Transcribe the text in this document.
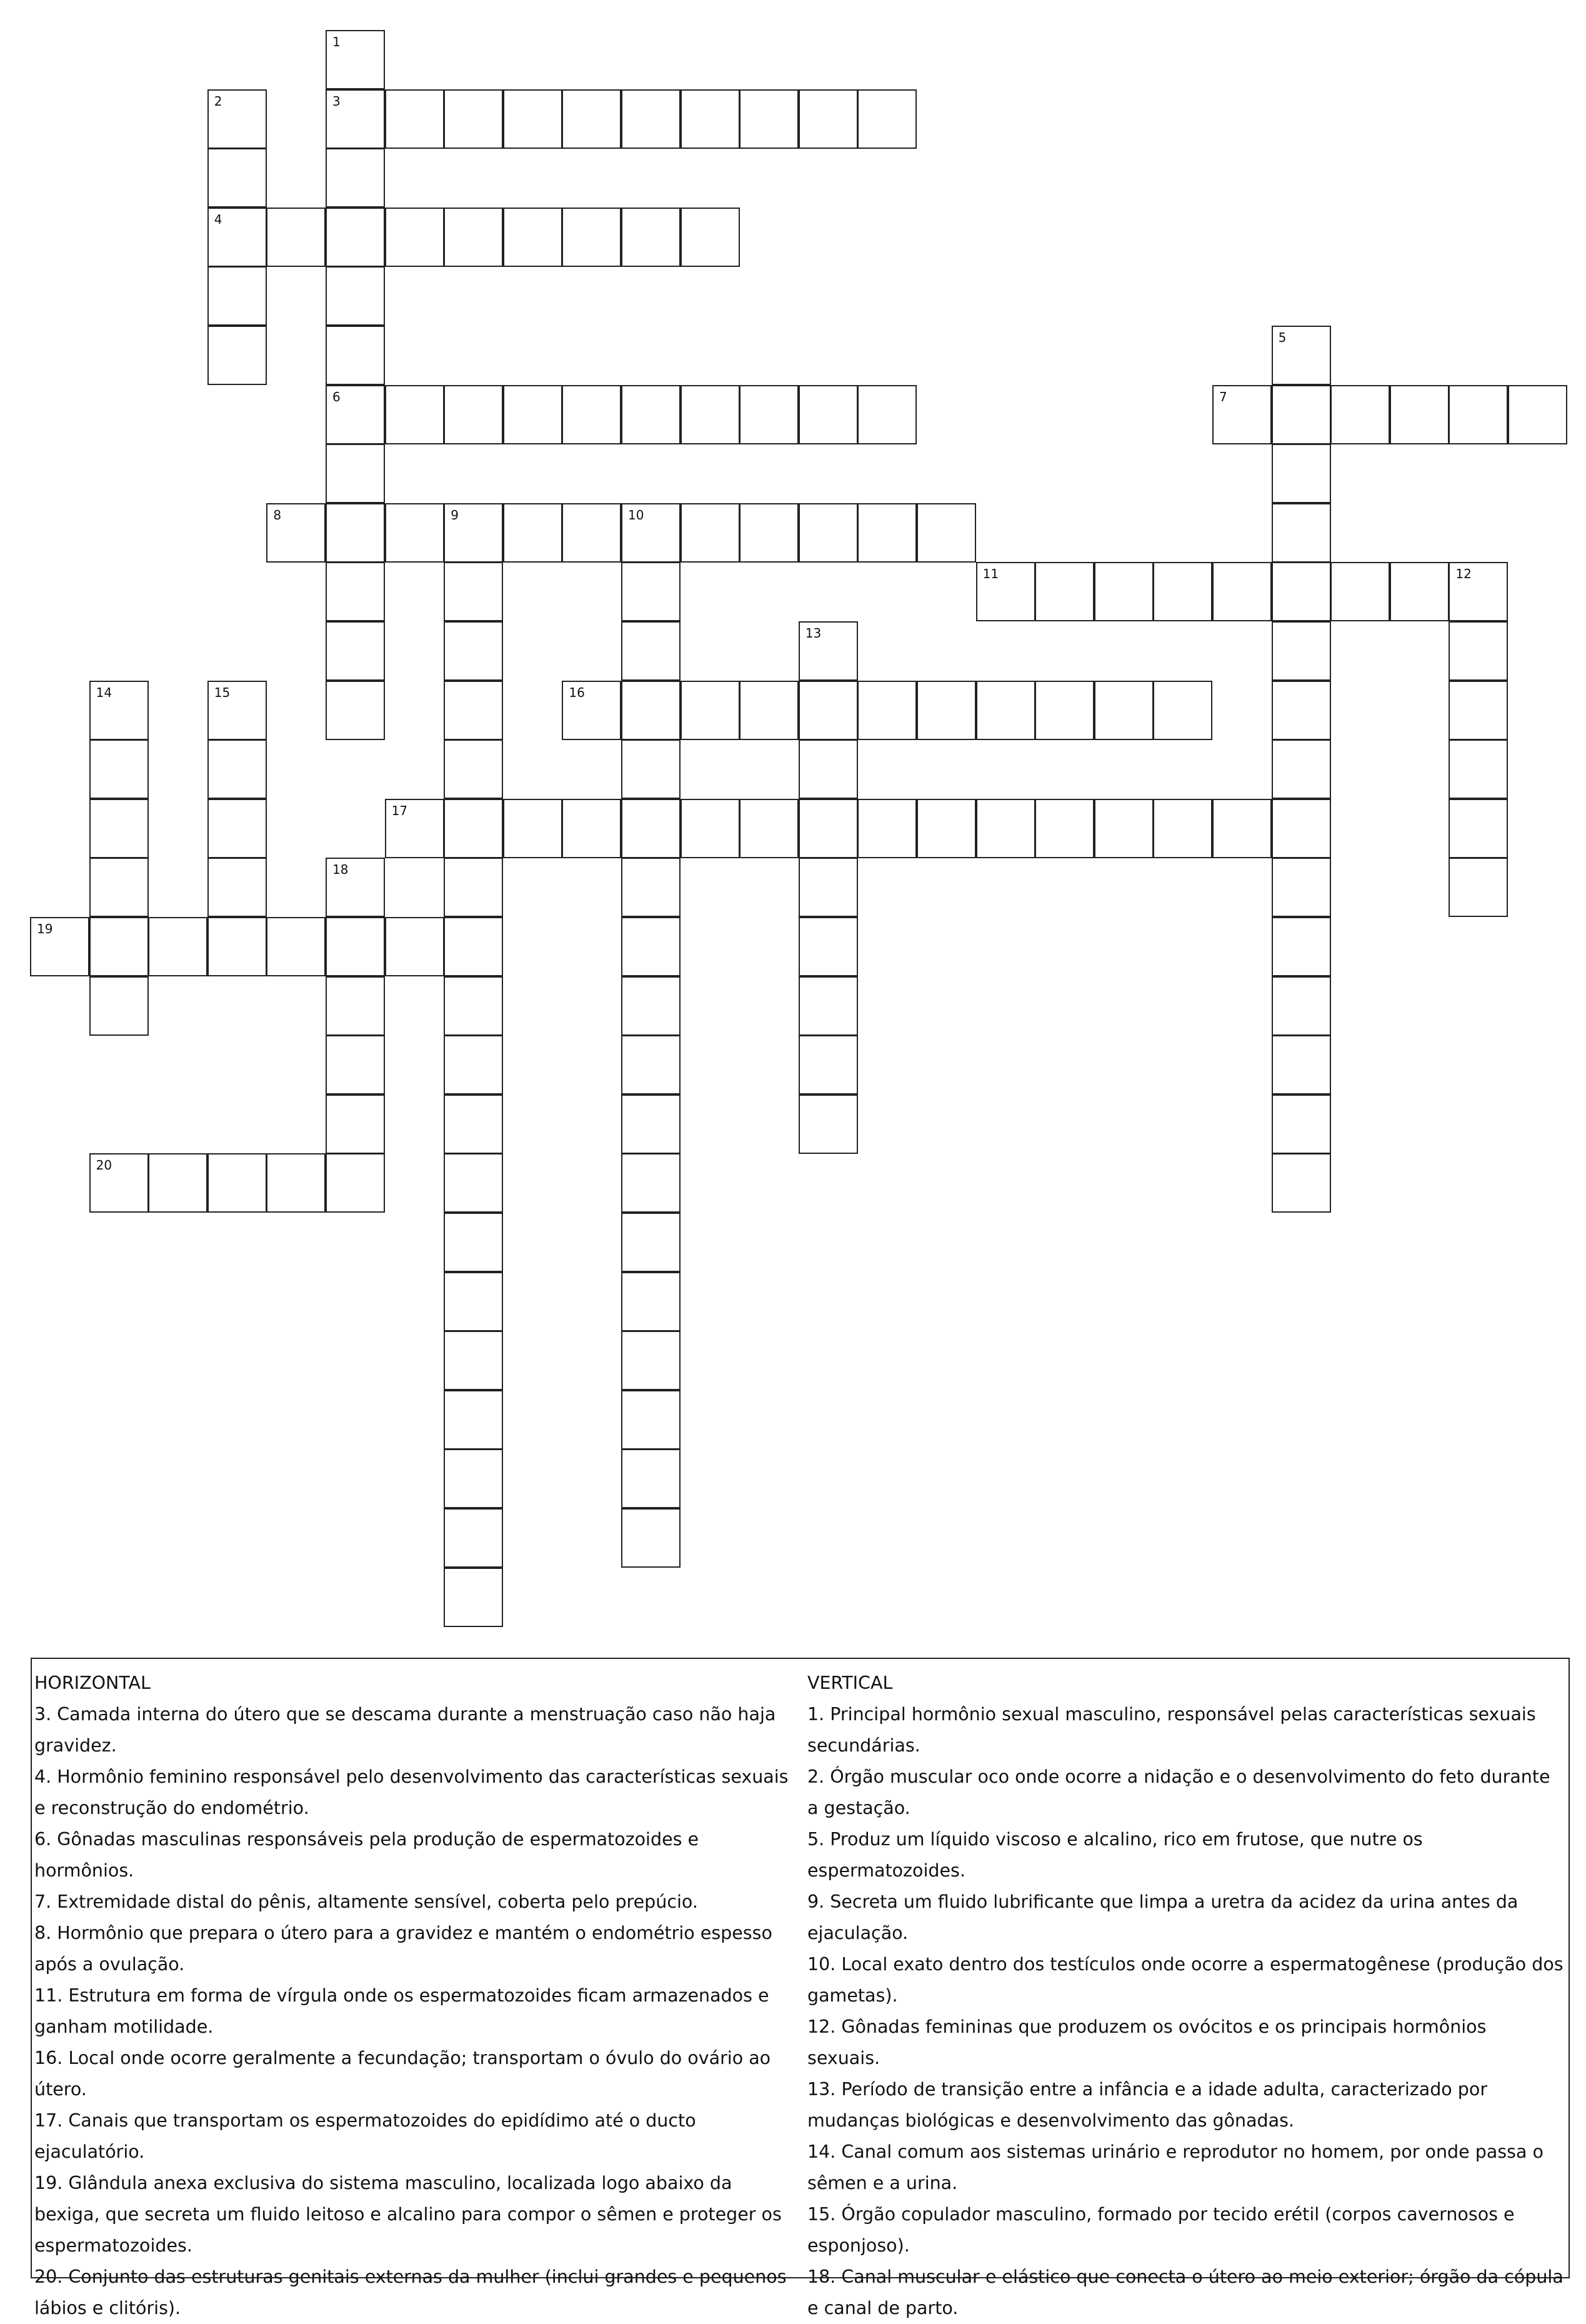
3
4
6	7
8	9	10
11	12
16
17
19
20
1
2
5
13
14	15
18

HORIZONTAL

3. Camada interna do útero que se descama durante a menstruação caso não haja gravidez.

4. Hormônio feminino responsável pelo desenvolvimento das características sexuais e reconstrução do endométrio.

6. Gônadas masculinas responsáveis pela produção de espermatozoides e hormônios.

7. Extremidade distal do pênis, altamente sensível, coberta pelo prepúcio.

8. Hormônio que prepara o útero para a gravidez e mantém o endométrio espesso após a ovulação.

11. Estrutura em forma de vírgula onde os espermatozoides ficam armazenados e ganham motilidade.

16. Local onde ocorre geralmente a fecundação; transportam o óvulo do ovário ao útero.

17. Canais que transportam os espermatozoides do epidídimo até o ducto ejaculatório.

19. Glândula anexa exclusiva do sistema masculino, localizada logo abaixo da bexiga, que secreta um fluido leitoso e alcalino para compor o sêmen e proteger os espermatozoides.

20. Conjunto das estruturas genitais externas da mulher (inclui grandes e pequenos lábios e clitóris).

VERTICAL

1. Principal hormônio sexual masculino, responsável pelas características sexuais secundárias.

2. Órgão muscular oco onde ocorre a nidação e o desenvolvimento do feto durante a gestação.

5. Produz um líquido viscoso e alcalino, rico em frutose, que nutre os espermatozoides.

9. Secreta um fluido lubrificante que limpa a uretra da acidez da urina antes da ejaculação.

10. Local exato dentro dos testículos onde ocorre a espermatogênese (produção dos gametas).

12. Gônadas femininas que produzem os ovócitos e os principais hormônios sexuais.

13. Período de transição entre a infância e a idade adulta, caracterizado por mudanças biológicas e desenvolvimento das gônadas.

14. Canal comum aos sistemas urinário e reprodutor no homem, por onde passa o sêmen e a urina.

15. Órgão copulador masculino, formado por tecido erétil (corpos cavernosos e esponjoso).

18. Canal muscular e elástico que conecta o útero ao meio exterior; órgão da cópula e canal de parto.
